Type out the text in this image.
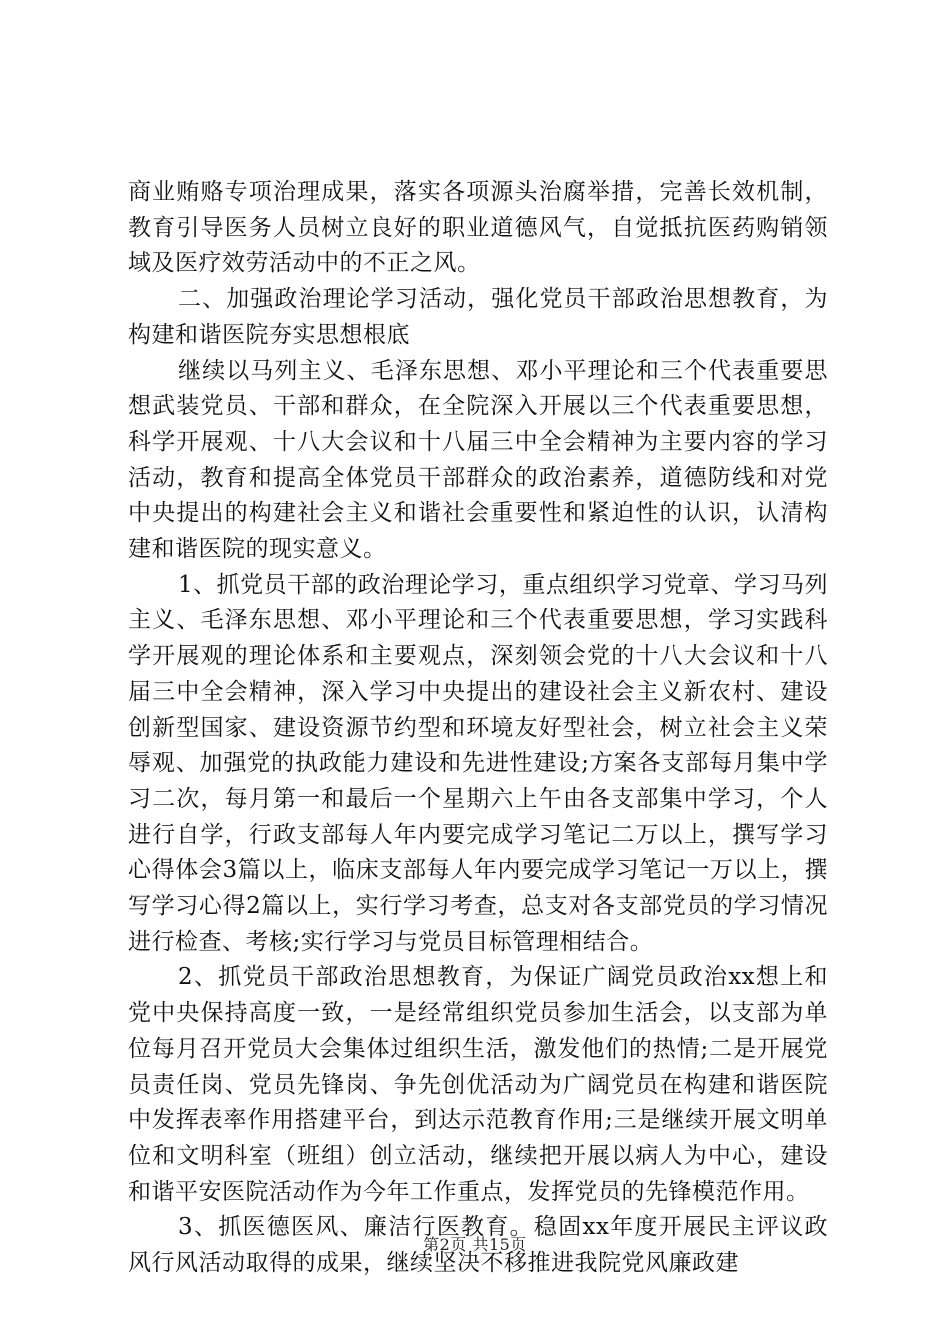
商业贿赂专项治理成果，落实各项源头治腐举措，完善长效机制，教育引导医务人员树立良好的职业道德风气，自觉抵抗医药购销领域及医疗效劳活动中的不正之风。

二、加强政治理论学习活动，强化党员干部政治思想教育，为构建和谐医院夯实思想根底

继续以马列主义、毛泽东思想、邓小平理论和三个代表重要思想武装党员、干部和群众，在全院深入开展以三个代表重要思想，科学开展观、十八大会议和十八届三中全会精神为主要内容的学习活动，教育和提高全体党员干部群众的政治素养，道德防线和对党中央提出的构建社会主义和谐社会重要性和紧迫性的认识，认清构建和谐医院的现实意义。

1、抓党员干部的政治理论学习，重点组织学习党章、学习马列主义、毛泽东思想、邓小平理论和三个代表重要思想，学习实践科学开展观的理论体系和主要观点，深刻领会党的十八大会议和十八届三中全会精神，深入学习中央提出的建设社会主义新农村、建设创新型国家、建设资源节约型和环境友好型社会，树立社会主义荣辱观、加强党的执政能力建设和先进性建设;方案各支部每月集中学习二次，每月第一和最后一个星期六上午由各支部集中学习，个人进行自学，行政支部每人年内要完成学习笔记二万以上，撰写学习心得体会3篇以上，临床支部每人年内要完成学习笔记一万以上，撰写学习心得2篇以上，实行学习考查，总支对各支部党员的学习情况进行检查、考核;实行学习与党员目标管理相结合。

2、抓党员干部政治思想教育，为保证广阔党员政治xx想上和党中央保持高度一致，一是经常组织党员参加生活会，以支部为单位每月召开党员大会集体过组织生活，激发他们的热情;二是开展党员责任岗、党员先锋岗、争先创优活动为广阔党员在构建和谐医院中发挥表率作用搭建平台，到达示范教育作用;三是继续开展文明单位和文明科室（班组）创立活动，继续把开展以病人为中心，建设和谐平安医院活动作为今年工作重点，发挥党员的先锋模范作用。

3、抓医德医风、廉洁行医教育。稳固xx年度开展民主评议政风行风活动取得的成果，继续坚决不移推进我院党风廉政建

第2页 共15页
